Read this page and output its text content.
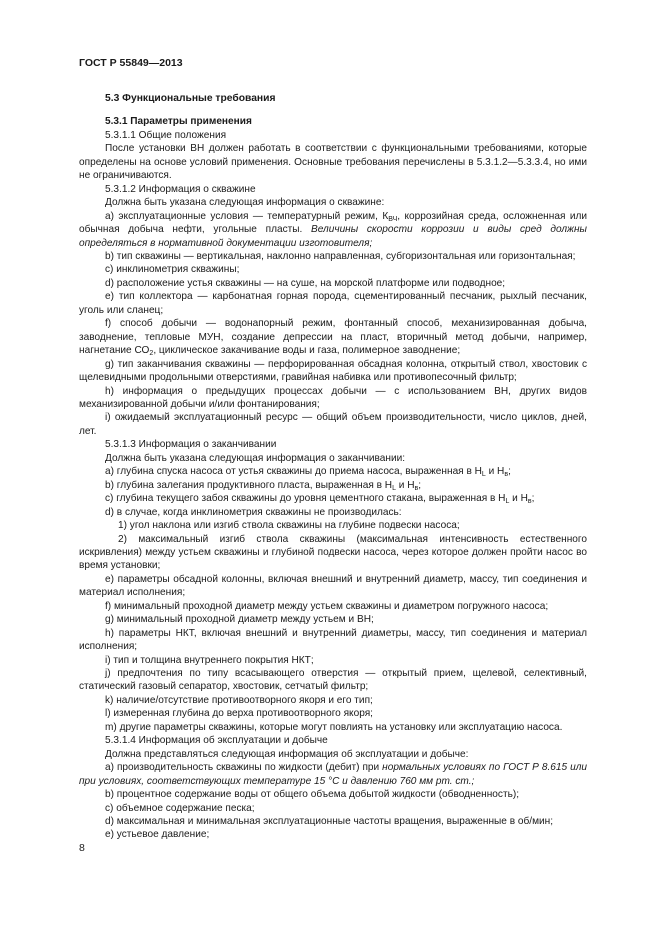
ГОСТ Р 55849—2013

5.3 Функциональные требования

5.3.1 Параметры применения

5.3.1.1 Общие положения

После установки ВН должен работать в соответствии с функциональными требованиями, которые определены на основе условий применения. Основные требования перечислены в 5.3.1.2—5.3.3.4, но ими не ограничиваются.

5.3.1.2 Информация о скважине

Должна быть указана следующая информация о скважине:

а) эксплуатационные условия — температурный режим, $К_{ВЧ}$, коррозийная среда, осложненная или обычная добыча нефти, угольные пласты. Величины скорости коррозии и виды сред должны определяться в нормативной документации изготовителя;

b) тип скважины — вертикальная, наклонно направленная, субгоризонтальная или горизонтальная;

c) инклинометрия скважины;

d) расположение устья скважины — на суше, на морской платформе или подводное;

е) тип коллектора — карбонатная горная порода, сцементированный песчаник, рыхлый песчаник, уголь или сланец;

f) способ добычи — водонапорный режим, фонтанный способ, механизированная добыча, заводнение, тепловые МУН, создание депрессии на пласт, вторичный метод добычи, например, нагнетание $СО_2$, циклическое закачивание воды и газа, полимерное заводнение;

g) тип заканчивания скважины — перфорированная обсадная колонна, открытый ствол, хвостовик с щелевидными продольными отверстиями, гравийная набивка или противопесочный фильтр;

h) информация о предыдущих процессах добычи — с использованием ВН, других видов механизированной добычи и/или фонтанирования;

i) ожидаемый эксплуатационный ресурс — общий объем производительности, число циклов, дней, лет.

5.3.1.3 Информация о заканчивании

Должна быть указана следующая информация о заканчивании:

а) глубина спуска насоса от устья скважины до приема насоса, выраженная в $Н_L$ и $Н_в$;

b) глубина залегания продуктивного пласта, выраженная в $Н_L$ и $Н_в$;

c) глубина текущего забоя скважины до уровня цементного стакана, выраженная в $Н_L$ и $Н_в$;

d) в случае, когда инклинометрия скважины не производилась:

1) угол наклона или изгиб ствола скважины на глубине подвески насоса;

2) максимальный изгиб ствола скважины (максимальная интенсивность естественного искривления) между устьем скважины и глубиной подвески насоса, через которое должен пройти насос во время установки;

е) параметры обсадной колонны, включая внешний и внутренний диаметр, массу, тип соединения и материал исполнения;

f) минимальный проходной диаметр между устьем скважины и диаметром погружного насоса;

g) минимальный проходной диаметр между устьем и ВН;

h) параметры НКТ, включая внешний и внутренний диаметры, массу, тип соединения и материал исполнения;

i) тип и толщина внутреннего покрытия НКТ;

j) предпочтения по типу всасывающего отверстия — открытый прием, щелевой, селективный, статический газовый сепаратор, хвостовик, сетчатый фильтр;

k) наличие/отсутствие противоотворного якоря и его тип;

l) измеренная глубина до верха противоотворного якоря;

m) другие параметры скважины, которые могут повлиять на установку или эксплуатацию насоса.

5.3.1.4 Информация об эксплуатации и добыче

Должна представляться следующая информация об эксплуатации и добыче:

а) производительность скважины по жидкости (дебит) при нормальных условиях по ГОСТ Р 8.615 или при условиях, соответствующих температуре 15 °С и давлению 760 мм рт. ст.;

b) процентное содержание воды от общего объема добытой жидкости (обводненность);

c) объемное содержание песка;

d) максимальная и минимальная эксплуатационные частоты вращения, выраженные в об/мин;

е) устьевое давление;

8
